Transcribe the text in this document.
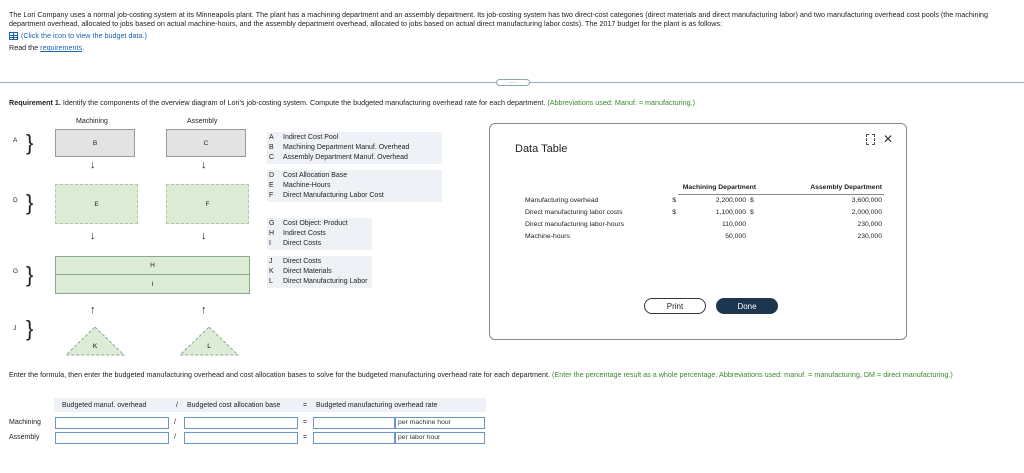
The Lori Company uses a normal job-costing system at its Minneapolis plant. The plant has a machining department and an assembly department. Its job-costing system has two direct-cost categories (direct materials and direct manufacturing labor) and two manufacturing overhead cost pools (the machining department overhead, allocated to jobs based on actual machine-hours, and the assembly department overhead, allocated to jobs based on actual direct manufacturing labor costs). The 2017 budget for the plant is as follows:
(Click the icon to view the budget data.)
Read the requirements.
.....
Requirement 1. Identify the components of the overview diagram of Lori's job-costing system. Compute the budgeted manufacturing overhead rate for each department. (Abbreviations used: Manuf. = manufacturing.)
Machining	Assembly
A }
D }
G }
J }
B	C
↓	↓
E	F
↓	↓
H
I
↑	↑
K	L
A	Indirect Cost Pool
B	Machining Department Manuf. Overhead
C	Assembly Department Manuf. Overhead
D	Cost Allocation Base
E	Machine-Hours
F	Direct Manufacturing Labor Cost
G	Cost Object: Product
H	Indirect Costs
I	Direct Costs
J	Direct Costs
K	Direct Materials
L	Direct Manufacturing Labor
Data Table
✕
		Machining Department		Assembly Department
Manufacturing overhead	$	2,200,000	$	3,600,000
Direct manufacturing labor costs	$	1,100,000	$	2,000,000
Direct manufacturing labor-hours		110,000		230,000
Machine-hours		50,000		230,000
Print	Done
Enter the formula, then enter the budgeted manufacturing overhead and cost allocation bases to solve for the budgeted manufacturing overhead rate for each department. (Enter the percentage result as a whole percentage. Abbreviations used: manuf. = manufacturing, DM = direct manufacturing.)
Budgeted manuf. overhead	/ Budgeted cost allocation base	= Budgeted manufacturing overhead rate
Machining	/	=	per machine hour
Assembly	/	=	per labor hour
